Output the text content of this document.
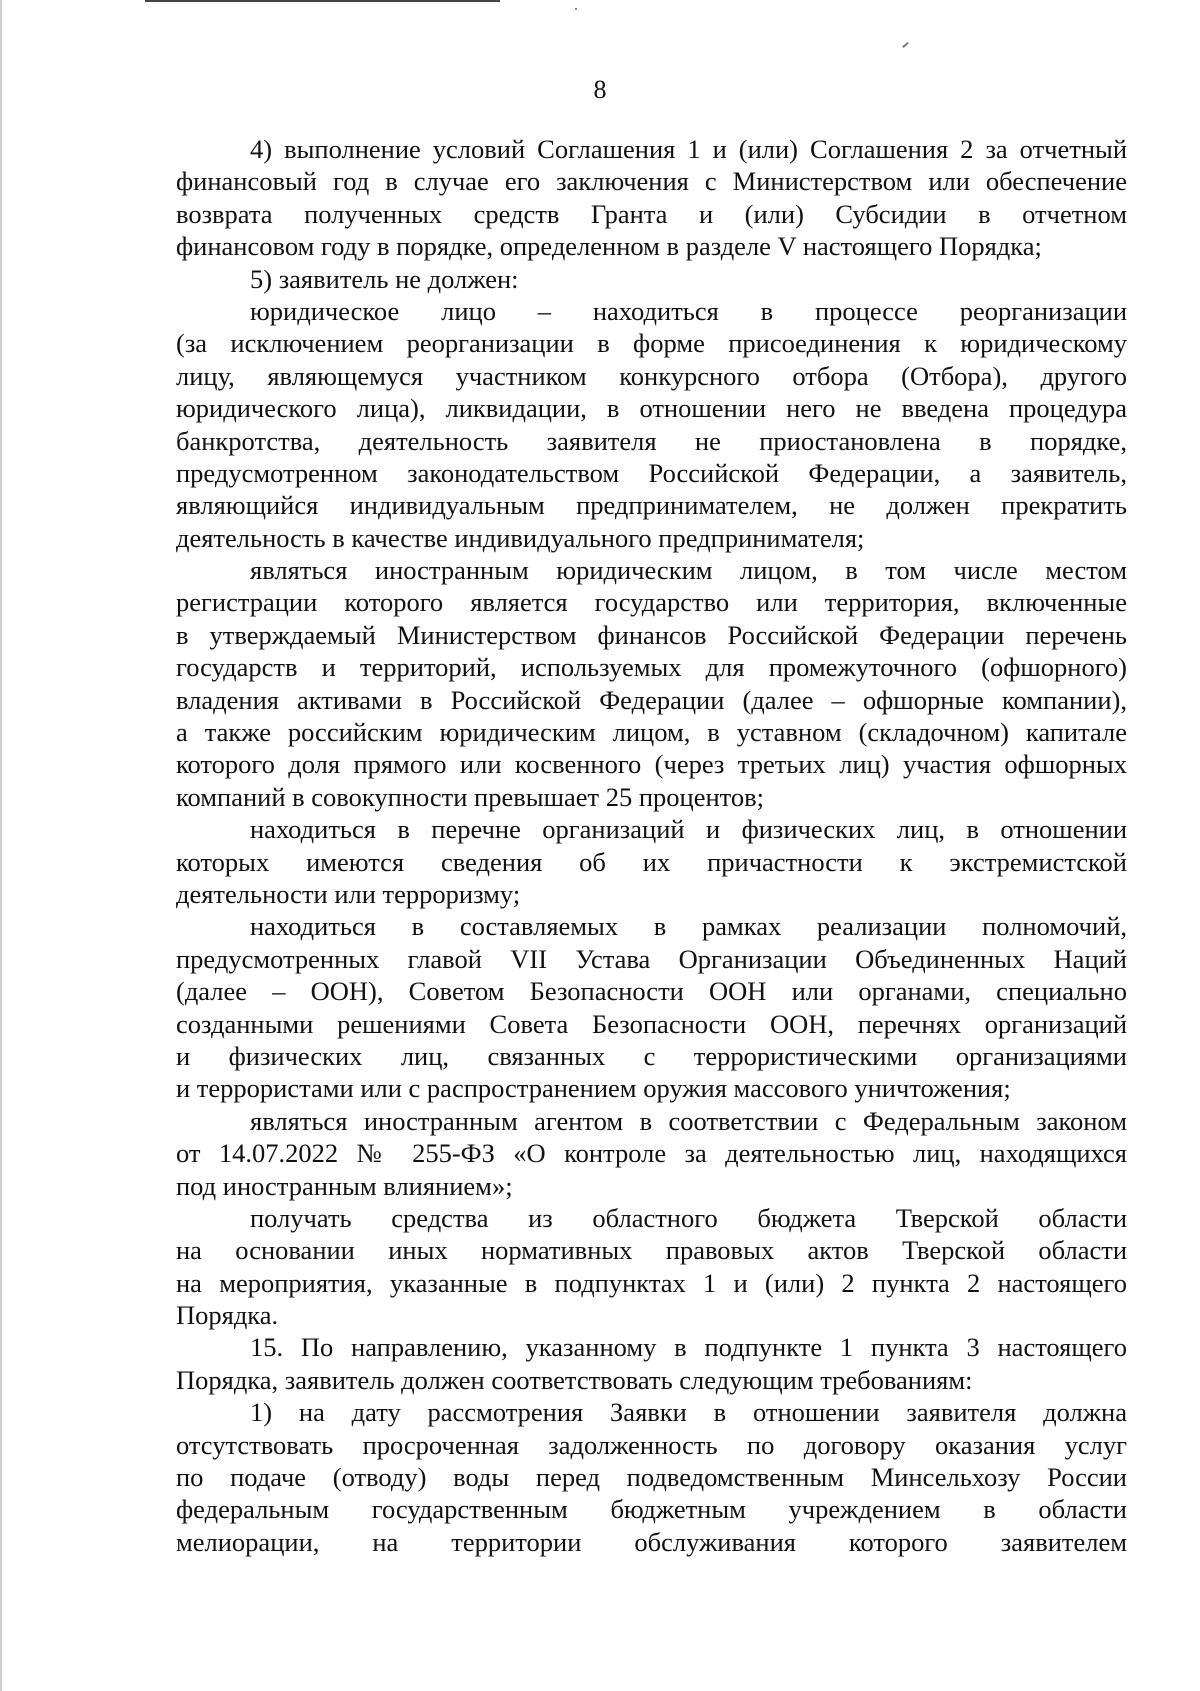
8
4) выполнение условий Соглашения 1 и (или) Соглашения 2 за отчетный
финансовый год в случае его заключения с Министерством или обеспечение
возврата полученных средств Гранта и (или) Субсидии в отчетном
финансовом году в порядке, определенном в разделе V настоящего Порядка;
5) заявитель не должен:
юридическое лицо – находиться в процессе реорганизации
(за исключением реорганизации в форме присоединения к юридическому
лицу, являющемуся участником конкурсного отбора (Отбора), другого
юридического лица), ликвидации, в отношении него не введена процедура
банкротства, деятельность заявителя не приостановлена в порядке,
предусмотренном законодательством Российской Федерации, а заявитель,
являющийся индивидуальным предпринимателем, не должен прекратить
деятельность в качестве индивидуального предпринимателя;
являться иностранным юридическим лицом, в том числе местом
регистрации которого является государство или территория, включенные
в утверждаемый Министерством финансов Российской Федерации перечень
государств и территорий, используемых для промежуточного (офшорного)
владения активами в Российской Федерации (далее – офшорные компании),
а также российским юридическим лицом, в уставном (складочном) капитале
которого доля прямого или косвенного (через третьих лиц) участия офшорных
компаний в совокупности превышает 25 процентов;
находиться в перечне организаций и физических лиц, в отношении
которых имеются сведения об их причастности к экстремистской
деятельности или терроризму;
находиться в составляемых в рамках реализации полномочий,
предусмотренных главой VII Устава Организации Объединенных Наций
(далее – ООН), Советом Безопасности ООН или органами, специально
созданными решениями Совета Безопасности ООН, перечнях организаций
и физических лиц, связанных с террористическими организациями
и террористами или с распространением оружия массового уничтожения;
являться иностранным агентом в соответствии с Федеральным законом
от 14.07.2022 № 255-ФЗ «О контроле за деятельностью лиц, находящихся
под иностранным влиянием»;
получать средства из областного бюджета Тверской области
на основании иных нормативных правовых актов Тверской области
на мероприятия, указанные в подпунктах 1 и (или) 2 пункта 2 настоящего
Порядка.
15. По направлению, указанному в подпункте 1 пункта 3 настоящего
Порядка, заявитель должен соответствовать следующим требованиям:
1) на дату рассмотрения Заявки в отношении заявителя должна
отсутствовать просроченная задолженность по договору оказания услуг
по подаче (отводу) воды перед подведомственным Минсельхозу России
федеральным государственным бюджетным учреждением в области
мелиорации, на территории обслуживания которого заявителем
